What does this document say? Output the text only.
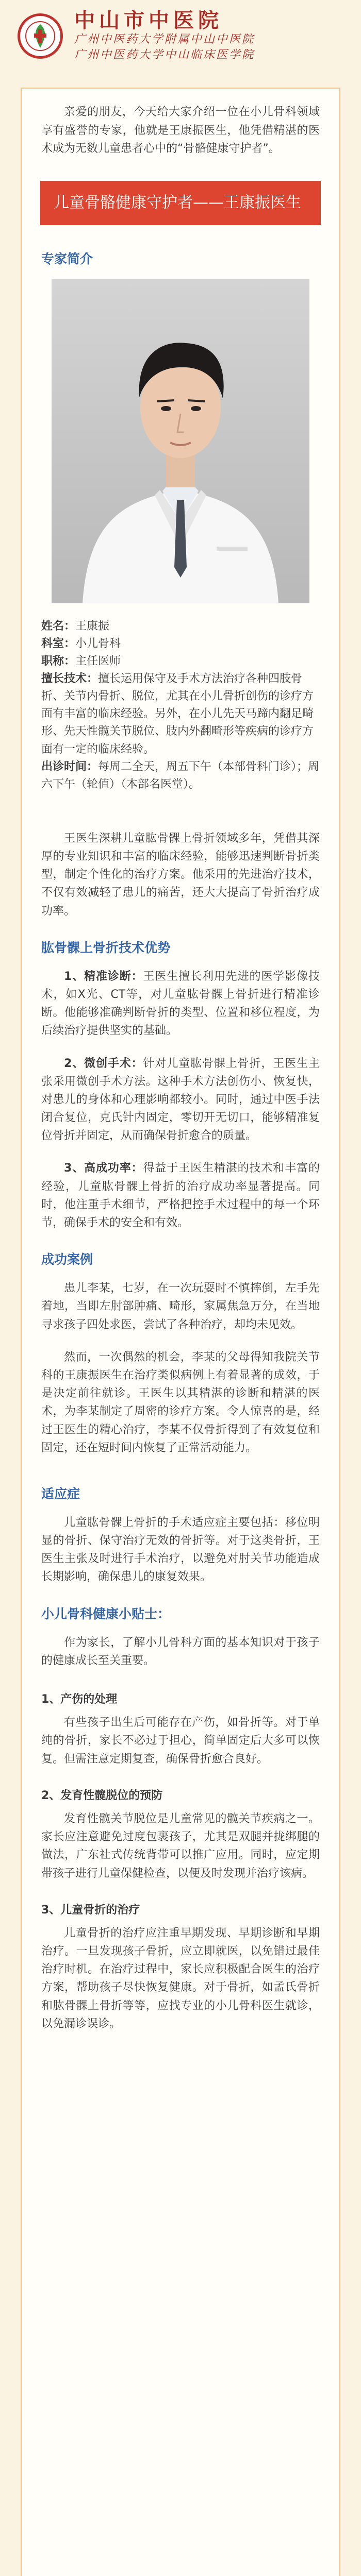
中山市中医院
广州中医药大学附属中山中医院
广州中医药大学中山临床医学院

亲爱的朋友，今天给大家介绍一位在小儿骨科领域享有盛誉的专家，他就是王康振医生，他凭借精湛的医术成为无数儿童患者心中的“骨骼健康守护者”。

儿童骨骼健康守护者——王康振医生
专家简介

姓名：王康振

科室：小儿骨科

职称：主任医师

擅长技术：擅长运用保守及手术方法治疗各种四肢骨折、关节内骨折、脱位，尤其在小儿骨折创伤的诊疗方面有丰富的临床经验。另外，在小儿先天马蹄内翻足畸形、先天性髋关节脱位、肢内外翻畸形等疾病的诊疗方面有一定的临床经验。

出诊时间：每周二全天，周五下午（本部骨科门诊）；周六下午（轮值）（本部名医堂）。

王医生深耕儿童肱骨髁上骨折领域多年，凭借其深厚的专业知识和丰富的临床经验，能够迅速判断骨折类型，制定个性化的治疗方案。他采用的先进治疗技术，不仅有效减轻了患儿的痛苦，还大大提高了骨折治疗成功率。

肱骨髁上骨折技术优势

1、精准诊断：王医生擅长利用先进的医学影像技术，如X光、CT等，对儿童肱骨髁上骨折进行精准诊断。他能够准确判断骨折的类型、位置和移位程度，为后续治疗提供坚实的基础。

2、微创手术：针对儿童肱骨髁上骨折，王医生主张采用微创手术方法。这种手术方法创伤小、恢复快，对患儿的身体和心理影响都较小。同时，通过中医手法闭合复位，克氏针内固定，零切开无切口，能够精准复位骨折并固定，从而确保骨折愈合的质量。

3、高成功率：得益于王医生精湛的技术和丰富的经验，儿童肱骨髁上骨折的治疗成功率显著提高。同时，他注重手术细节，严格把控手术过程中的每一个环节，确保手术的安全和有效。

成功案例

患儿李某，七岁，在一次玩耍时不慎摔倒，左手先着地，当即左肘部肿痛、畸形，家属焦急万分，在当地寻求孩子四处求医，尝试了各种治疗，却均未见效。

然而，一次偶然的机会，李某的父母得知我院关节科的王康振医生在治疗类似病例上有着显著的成效，于是决定前往就诊。王医生以其精湛的诊断和精湛的医术，为李某制定了周密的诊疗方案。令人惊喜的是，经过王医生的精心治疗，李某不仅骨折得到了有效复位和固定，还在短时间内恢复了正常活动能力。

适应症

儿童肱骨髁上骨折的手术适应症主要包括：移位明显的骨折、保守治疗无效的骨折等。对于这类骨折，王医生主张及时进行手术治疗，以避免对肘关节功能造成长期影响，确保患儿的康复效果。

小儿骨科健康小贴士：

作为家长，了解小儿骨科方面的基本知识对于孩子的健康成长至关重要。

1、产伤的处理

有些孩子出生后可能存在产伤，如骨折等。对于单纯的骨折，家长不必过于担心，简单固定后大多可以恢复。但需注意定期复查，确保骨折愈合良好。

2、发育性髋脱位的预防

发育性髋关节脱位是儿童常见的髋关节疾病之一。家长应注意避免过度包裹孩子，尤其是双腿并拢绑腿的做法，广东社式传统背带可以推广应用。同时，应定期带孩子进行儿童保健检查，以便及时发现并治疗该病。

3、儿童骨折的治疗

儿童骨折的治疗应注重早期发现、早期诊断和早期治疗。一旦发现孩子骨折，应立即就医，以免错过最佳治疗时机。在治疗过程中，家长应积极配合医生的治疗方案，帮助孩子尽快恢复健康。对于骨折，如孟氏骨折和肱骨髁上骨折等等，应找专业的小儿骨科医生就诊，以免漏诊误诊。
